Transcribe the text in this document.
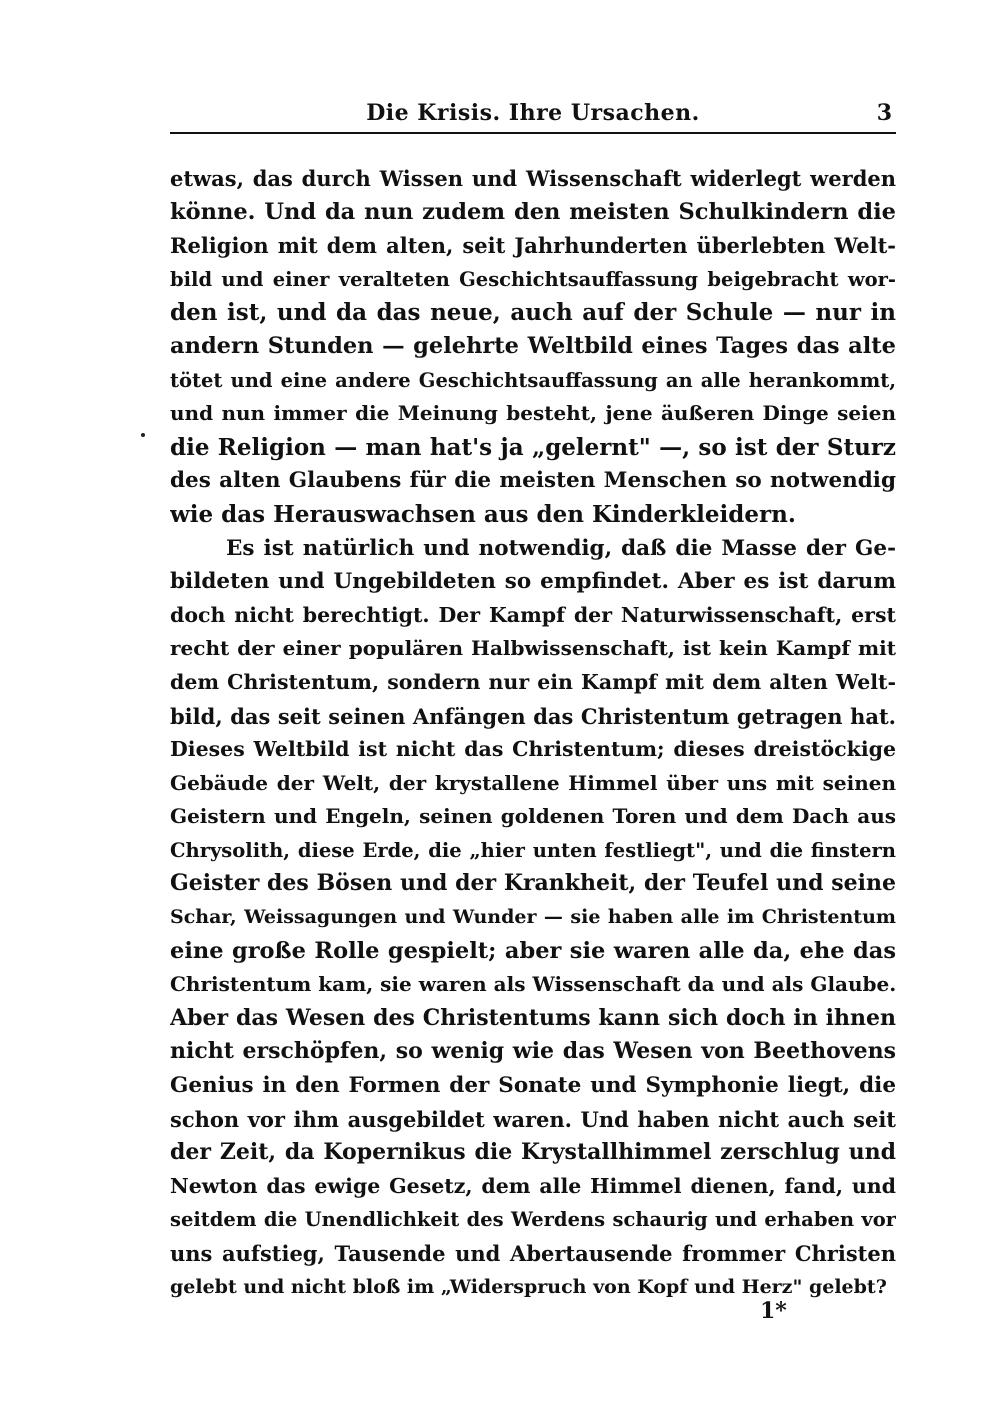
Die Krisis. Ihre Ursachen.	3
etwas, das durch Wissen und Wissenschaft widerlegt werden
könne. Und da nun zudem den meisten Schulkindern die
Religion mit dem alten, seit Jahrhunderten überlebten Welt-
bild und einer veralteten Geschichtsauffassung beigebracht wor-
den ist, und da das neue, auch auf der Schule — nur in
andern Stunden — gelehrte Weltbild eines Tages das alte
tötet und eine andere Geschichtsauffassung an alle herankommt,
und nun immer die Meinung besteht, jene äußeren Dinge seien
die Religion — man hat's ja „gelernt" —, so ist der Sturz
des alten Glaubens für die meisten Menschen so notwendig
wie das Herauswachsen aus den Kinderkleidern.
Es ist natürlich und notwendig, daß die Masse der Ge-
bildeten und Ungebildeten so empfindet. Aber es ist darum
doch nicht berechtigt. Der Kampf der Naturwissenschaft, erst
recht der einer populären Halbwissenschaft, ist kein Kampf mit
dem Christentum, sondern nur ein Kampf mit dem alten Welt-
bild, das seit seinen Anfängen das Christentum getragen hat.
Dieses Weltbild ist nicht das Christentum; dieses dreistöckige
Gebäude der Welt, der krystallene Himmel über uns mit seinen
Geistern und Engeln, seinen goldenen Toren und dem Dach aus
Chrysolith, diese Erde, die „hier unten festliegt", und die finstern
Geister des Bösen und der Krankheit, der Teufel und seine
Schar, Weissagungen und Wunder — sie haben alle im Christentum
eine große Rolle gespielt; aber sie waren alle da, ehe das
Christentum kam, sie waren als Wissenschaft da und als Glaube.
Aber das Wesen des Christentums kann sich doch in ihnen
nicht erschöpfen, so wenig wie das Wesen von Beethovens
Genius in den Formen der Sonate und Symphonie liegt, die
schon vor ihm ausgebildet waren. Und haben nicht auch seit
der Zeit, da Kopernikus die Krystallhimmel zerschlug und
Newton das ewige Gesetz, dem alle Himmel dienen, fand, und
seitdem die Unendlichkeit des Werdens schaurig und erhaben vor
uns aufstieg, Tausende und Abertausende frommer Christen
gelebt und nicht bloß im „Widerspruch von Kopf und Herz" gelebt?
1*
